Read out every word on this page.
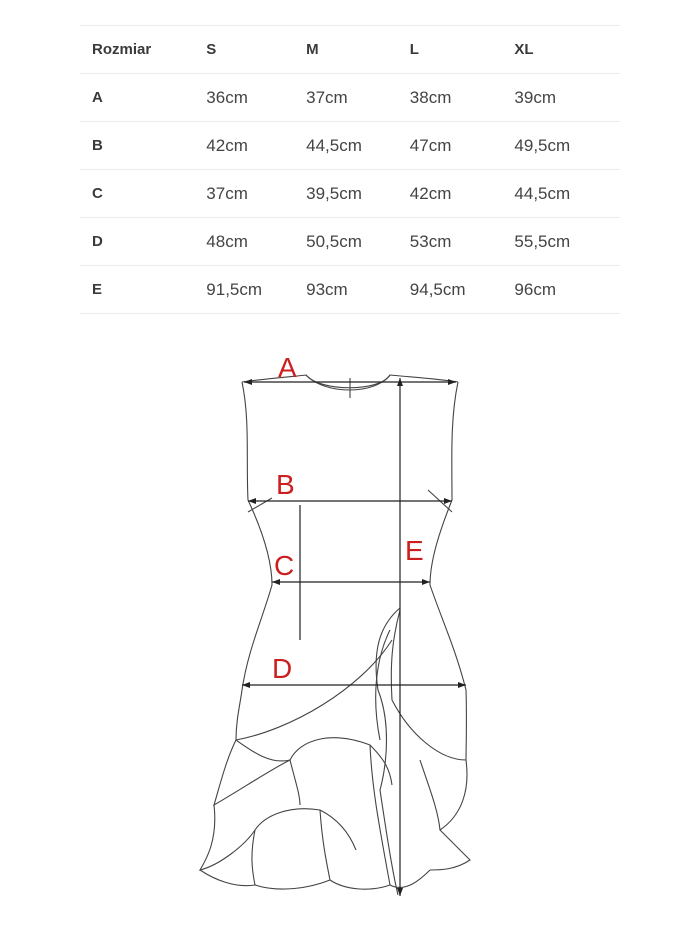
Rozmiar	S	M	L	XL
A	36cm	37cm	38cm	39cm
B	42cm	44,5cm	47cm	49,5cm
C	37cm	39,5cm	42cm	44,5cm
D	48cm	50,5cm	53cm	55,5cm
E	91,5cm	93cm	94,5cm	96cm
A
B
C
D
E
